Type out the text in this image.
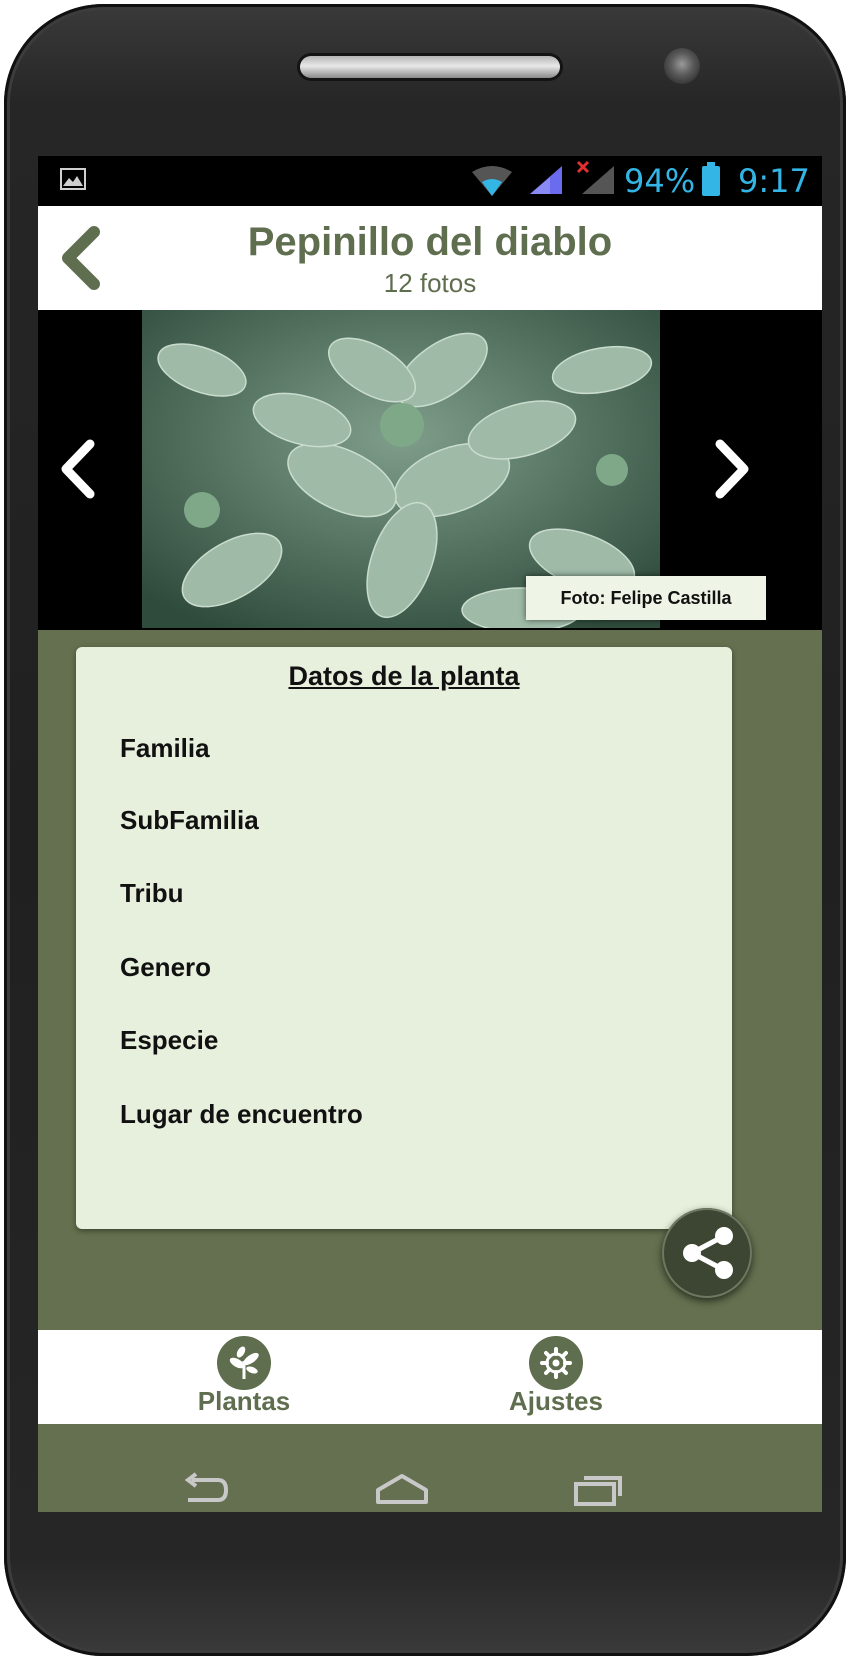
94% 9:17
Pepinillo del diablo
12 fotos
Foto: Felipe Castilla
Datos de la planta
Familia
SubFamilia
Tribu
Genero
Especie
Lugar de encuentro
Plantas	Ajustes
